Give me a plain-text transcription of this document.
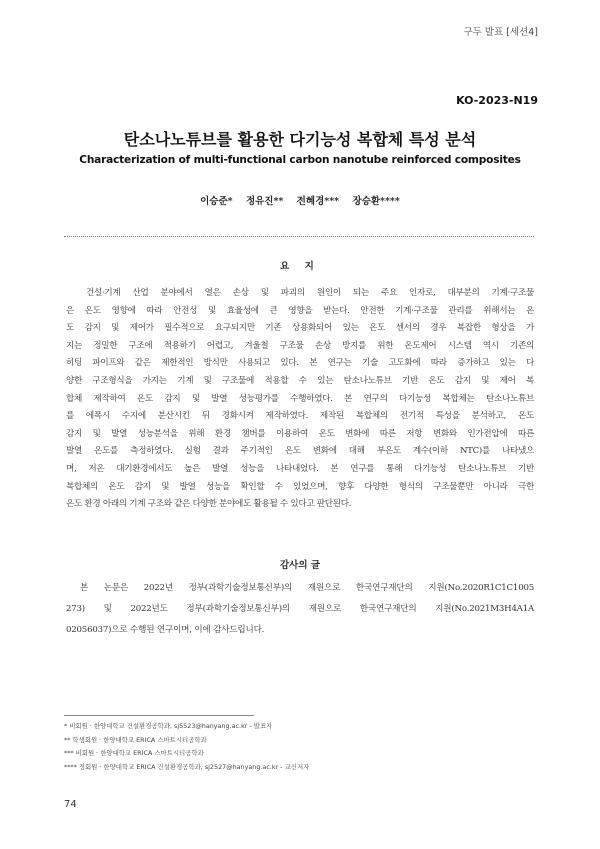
구두 발표 [세션4]
KO-2023-N19
탄소나노튜브를 활용한 다기능성 복합체 특성 분석
Characterization of multi-functional carbon nanotube reinforced composites
이승준* 정유진** 전혜경*** 장승환****
요 지
건설·기계 산업 분야에서 열은 손상 및 파괴의 원인이 되는 주요 인자로, 대부분의 기계·구조물
은 온도 영향에 따라 안전성 및 효율성에 큰 영향을 받는다. 안전한 기계·구조물 관리를 위해서는 온
도 감지 및 제어가 필수적으로 요구되지만 기존 상용화되어 있는 온도 센서의 경우 복잡한 형상을 가
지는 정밀한 구조에 적용하기 어렵고, 겨울철 구조물 손상 방지를 위한 온도제어 시스템 역시 기존의
히팅 파이프와 같은 제한적인 방식만 사용되고 있다. 본 연구는 기술 고도화에 따라 증가하고 있는 다
양한 구조형식을 가지는 기계 및 구조물에 적용할 수 있는 탄소나노튜브 기반 온도 감지 및 제어 복
합체 제작하여 온도 감지 및 발열 성능평가를 수행하였다. 본 연구의 다기능성 복합체는 탄소나노튜브
를 에폭시 수지에 분산시킨 뒤 경화시켜 제작하였다. 제작된 복합체의 전기적 특성을 분석하고, 온도
감지 및 발열 성능분석을 위해 환경 챔버를 이용하여 온도 변화에 따른 저항 변화와 인가전압에 따른
발열 온도를 측정하였다. 실험 결과 주기적인 온도 변화에 대해 부온도 계수(이하 NTC)를 나타냈으
며, 저온 대기환경에서도 높은 발열 성능을 나타내었다. 본 연구를 통해 다기능성 탄소나노튜브 기반
복합체의 온도 감지 및 발열 성능을 확인할 수 있었으며, 향후 다양한 형식의 구조물뿐만 아니라 극한
온도 환경 아래의 기계 구조와 같은 다양한 분야에도 활용될 수 있다고 판단된다.
감사의 글
본 논문은 2022년 정부(과학기술정보통신부)의 재원으로 한국연구재단의 지원(No.2020R1C1C1005
273) 및 2022년도 정부(과학기술정보통신부)의 재원으로 한국연구재단의 지원(No.2021M3H4A1A
02056037)으로 수행된 연구이며, 이에 감사드립니다.
* 비회원 · 한양대학교 건설환경공학과, sj5523@hanyang.ac.kr - 발표자
** 학생회원 · 한양대학교 ERICA 스마트시티공학과
*** 비회원 · 한양대학교 ERICA 스마트시티공학과
**** 정회원 · 한양대학교 ERICA 건설환경공학과, sj2527@hanyang.ac.kr - 교신저자
74
